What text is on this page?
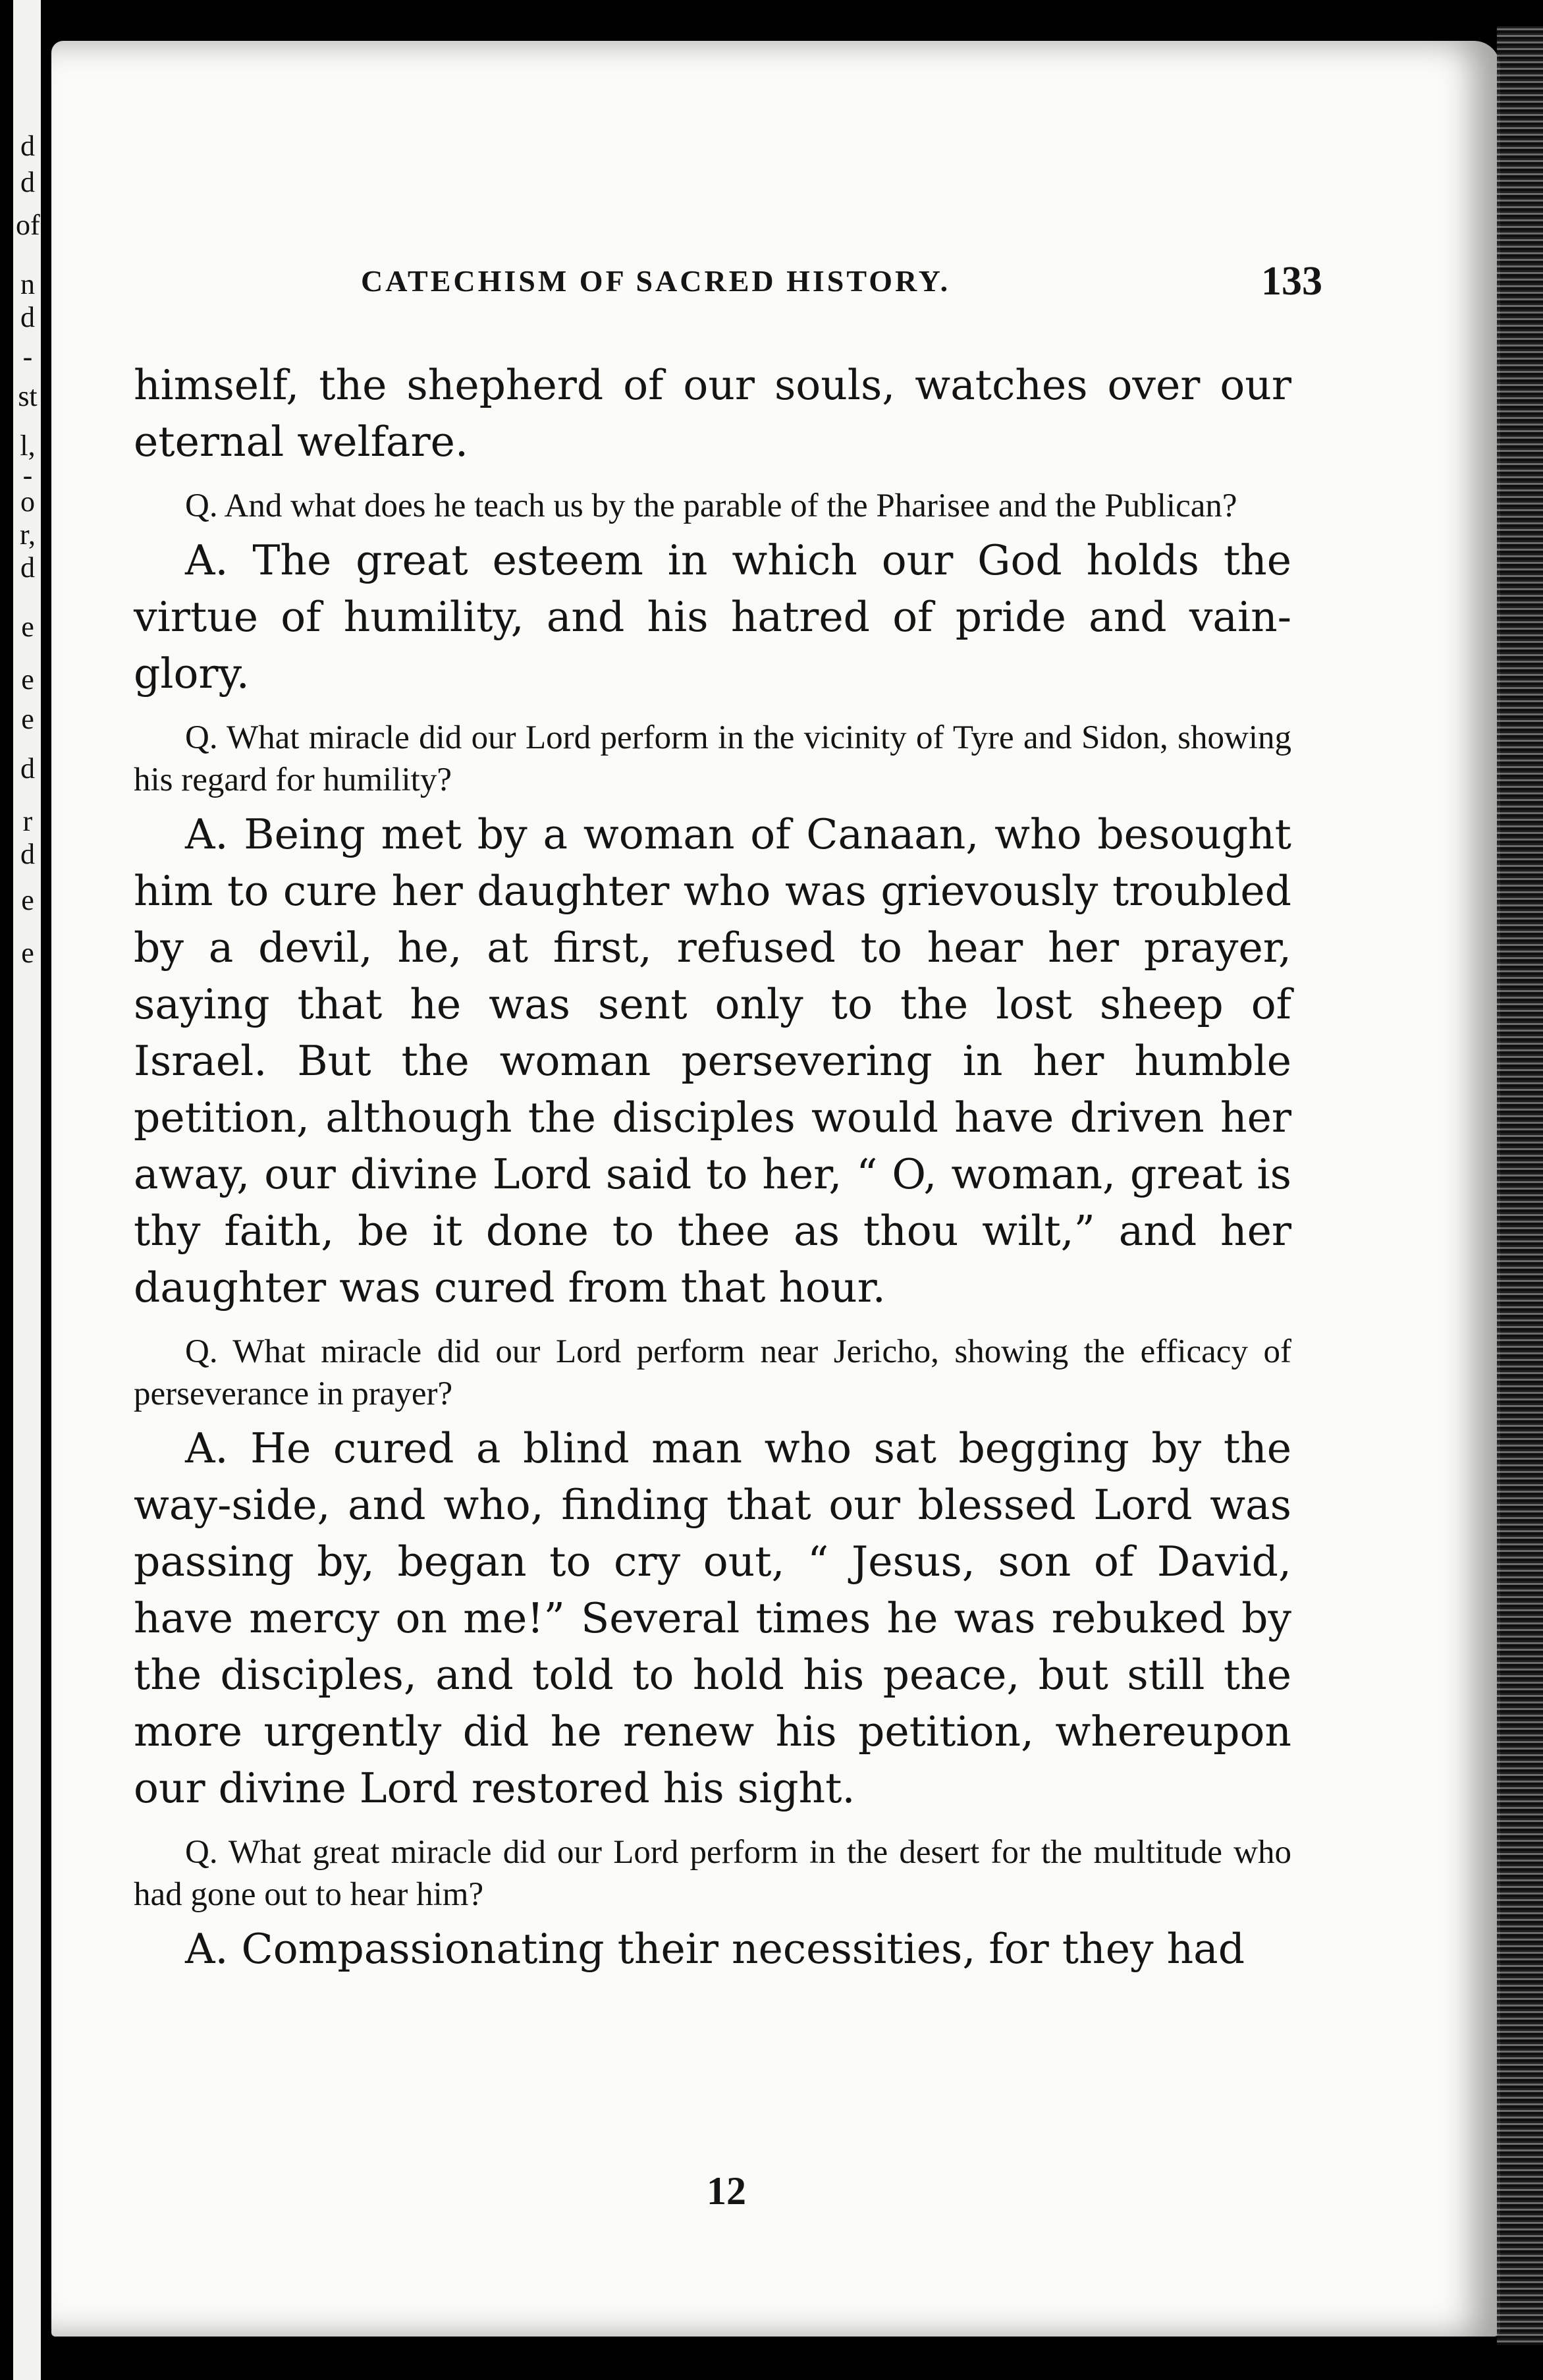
d
d
of
n
d
-
st
l,
-
o
r,
d
e
e
e
d
r
d
e
e
CATECHISM OF SACRED HISTORY.	133

himself, the shepherd of our souls, watches over our eternal welfare.

Q. And what does he teach us by the parable of the Pharisee and the Publican?

A. The great esteem in which our God holds the virtue of humility, and his hatred of pride and vain-glory.

Q. What miracle did our Lord perform in the vicinity of Tyre and Sidon, showing his regard for humility?

A. Being met by a woman of Canaan, who besought him to cure her daughter who was grievously troubled by a devil, he, at first, refused to hear her prayer, saying that he was sent only to the lost sheep of Israel. But the woman persevering in her humble petition, although the disciples would have driven her away, our divine Lord said to her, “ O, woman, great is thy faith, be it done to thee as thou wilt,” and her daughter was cured from that hour.

Q. What miracle did our Lord perform near Jericho, showing the efficacy of perseverance in prayer?

A. He cured a blind man who sat begging by the way-side, and who, finding that our blessed Lord was passing by, began to cry out, “ Jesus, son of David, have mercy on me!” Several times he was rebuked by the disciples, and told to hold his peace, but still the more urgently did he renew his petition, whereupon our divine Lord restored his sight.

Q. What great miracle did our Lord perform in the desert for the multitude who had gone out to hear him?

A. Compassionating their necessities, for they had

12
